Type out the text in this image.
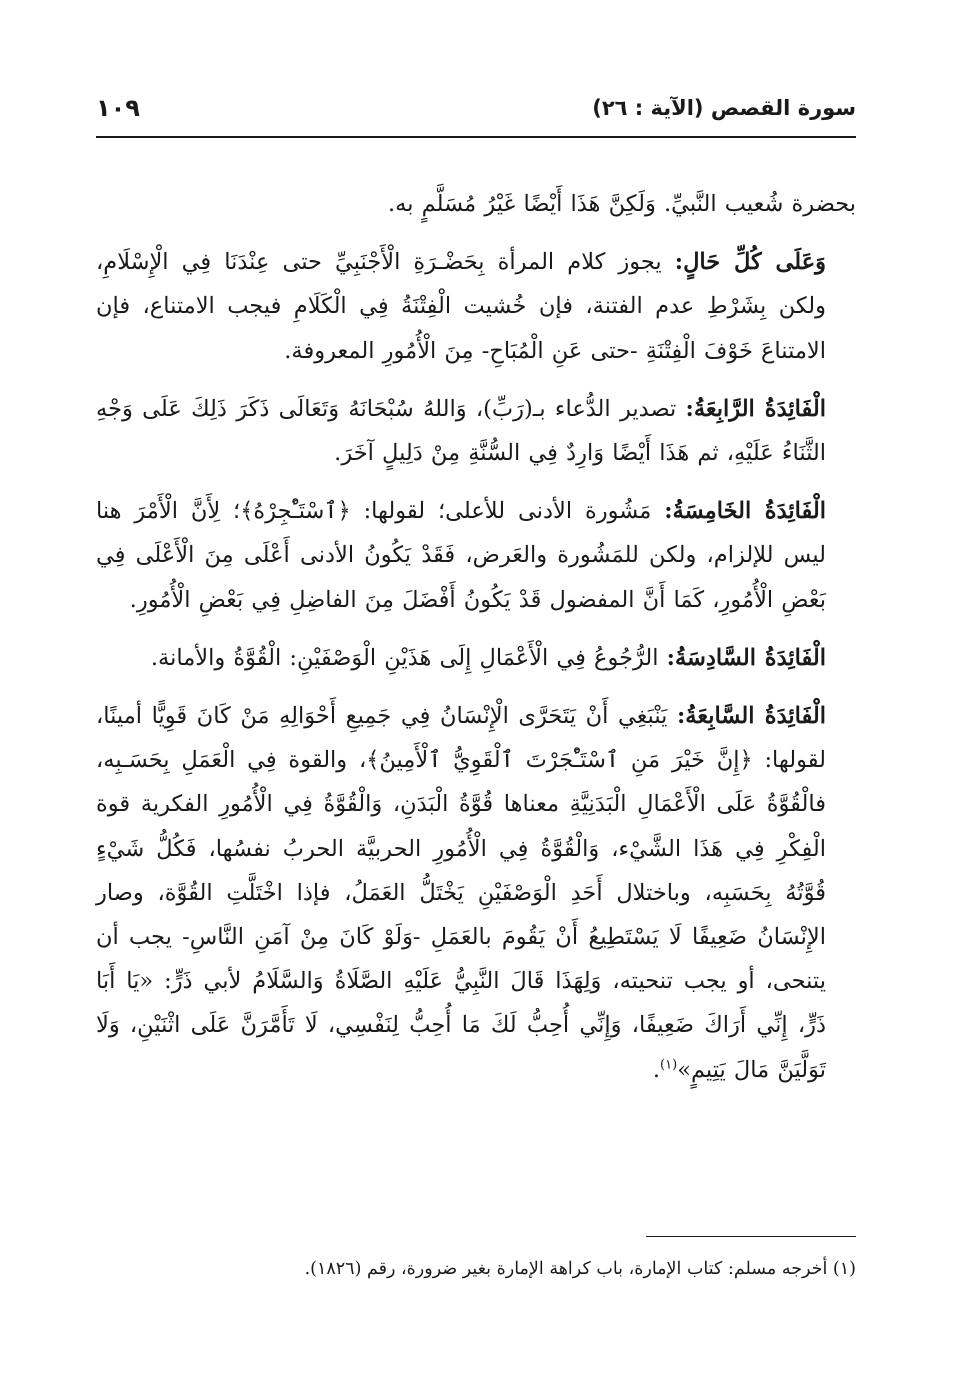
سورة القصص (الآية : ٢٦)
١٠٩

بحضرة شُعيب النَّبيِّ. وَلَكِنَّ هَذَا أَيْضًا غَيْرُ مُسَلَّمٍ به.

وَعَلَى كُلِّ حَالٍ: يجوز كلام المرأة بِحَضْـرَةِ الْأَجْنَبِيِّ حتى عِنْدَنَا فِي الْإِسْلَامِ، ولكن بِشَرْطِ عدم الفتنة، فإن خُشيت الْفِتْنَةُ فِي الْكَلَامِ فيجب الامتناع، فإن الامتناعَ خَوْفَ الْفِتْنَةِ -حتى عَنِ الْمُبَاحِ- مِنَ الْأُمُورِ المعروفة.

الْفَائِدَةُ الرَّابِعَةُ: تصدير الدُّعاء بـ(رَبِّ)، وَاللهُ سُبْحَانَهُ وَتَعَالَى ذَكَرَ ذَلِكَ عَلَى وَجْهِ الثَّنَاءُ عَلَيْهِ، ثم هَذَا أَيْضًا وَارِدٌ فِي السُّنَّةِ مِنْ دَلِيلٍ آخَرَ.

الْفَائِدَةُ الخَامِسَةُ: مَشُورة الأدنى للأعلى؛ لقولها: ﴿ٱسْتَـْٔجِرْهُ﴾؛ لِأَنَّ الْأَمْرَ هنا ليس للإلزام، ولكن للمَشُورة والعَرض، فَقَدْ يَكُونُ الأدنى أَعْلَى مِنَ الْأَعْلَى فِي بَعْضِ الْأُمُورِ، كَمَا أَنَّ المفضول قَدْ يَكُونُ أَفْضَلَ مِنَ الفاضِلِ فِي بَعْضِ الْأُمُورِ.

الْفَائِدَةُ السَّادِسَةُ: الرُّجُوعُ فِي الْأَعْمَالِ إِلَى هَذَيْنِ الْوَصْفَيْنِ: الْقُوَّةُ والأمانة.

الْفَائِدَةُ السَّابِعَةُ: يَنْبَغِي أَنْ يَتَحَرَّى الْإِنْسَانُ فِي جَمِيعِ أَحْوَالِهِ مَنْ كَانَ قَوِيًّا أمينًا، لقولها: ﴿إِنَّ خَيْرَ مَنِ ٱسْتَـْٔجَرْتَ ٱلْقَوِيُّ ٱلْأَمِينُ﴾، والقوة فِي الْعَمَلِ بِحَسَـبِه، فالْقُوَّةُ عَلَى الْأَعْمَالِ الْبَدَنِيَّةِ معناها قُوَّةُ الْبَدَنِ، وَالْقُوَّةُ فِي الْأُمُورِ الفكرية قوة الْفِكْرِ فِي هَذَا الشَّيْء، وَالْقُوَّةُ فِي الْأُمُورِ الحربيَّة الحربُ نفسُها، فَكُلُّ شَيْءٍ قُوَّتُهُ بِحَسَبِه، وباختلال أَحَدِ الْوَصْفَيْنِ يَخْتَلُّ العَمَلُ، فإذا اخْتَلَّتِ القُوَّة، وصار الإِنْسَانُ ضَعِيفًا لَا يَسْتَطِيعُ أَنْ يَقُومَ بالعَمَلِ -وَلَوْ كَانَ مِنْ آمَنِ النَّاسِ- يجب أن يتنحى، أو يجب تنحيته، وَلِهَذَا قَالَ النَّبِيُّ عَلَيْهِ الصَّلَاةُ وَالسَّلَامُ لأبي ذَرٍّ: «يَا أَبَا ذَرٍّ، إِنِّي أَرَاكَ ضَعِيفًا، وَإِنِّي أُحِبُّ لَكَ مَا أُحِبُّ لِنَفْسِي، لَا تَأَمَّرَنَّ عَلَى اثْنَيْنِ، وَلَا تَوَلَّيَنَّ مَالَ يَتِيمٍ»$^{(١)}$.

(١) أخرجه مسلم: كتاب الإمارة، باب كراهة الإمارة بغير ضرورة، رقم (١٨٢٦).
